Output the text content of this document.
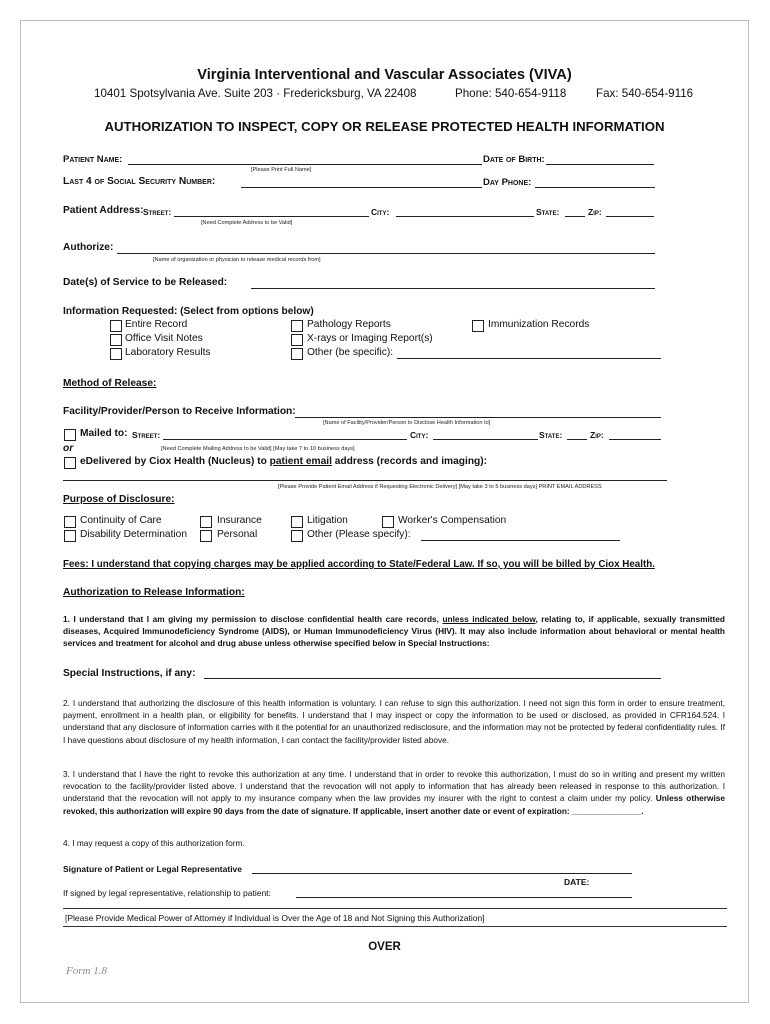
Virginia Interventional and Vascular Associates (VIVA)
10401 Spotsylvania Ave. Suite 203 · Fredericksburg, VA 22408	Phone: 540-654-9118	Fax: 540-654-9116
AUTHORIZATION TO INSPECT, COPY OR RELEASE PROTECTED HEALTH INFORMATION
Patient Name:	Date of Birth:
[Please Print Full Name]
Last 4 of Social Security Number:	Day Phone:
Patient Address: Street:	City:	State:	Zip:
[Need Complete Address to be Valid]
Authorize:
[Name of organization or physician to release medical records from]
Date(s) of Service to be Released:
Information Requested: (Select from options below)
Entire Record
Office Visit Notes
Laboratory Results
Pathology Reports
X-rays or Imaging Report(s)
Other (be specific):
Immunization Records
Method of Release:
Facility/Provider/Person to Receive Information:
[Name of Facility/Provider/Person to Disclose Health Information to]
Mailed to: Street:	City:	State:	Zip:
or	[Need Complete Mailing Address to be Valid] [May take 7 to 10 business days]
eDelivered by Ciox Health (Nucleus) to patient email address (records and imaging):
[Please Provide Patient Email Address if Requesting Electronic Delivery] [May take 3 to 5 business days] PRINT EMAIL ADDRESS
Purpose of Disclosure:
Continuity of Care
Disability Determination
Insurance
Personal
Litigation
Other (Please specify):
Worker's Compensation
Fees: I understand that copying charges may be applied according to State/Federal Law. If so, you will be billed by Ciox Health.
Authorization to Release Information:
1. I understand that I am giving my permission to disclose confidential health care records, unless indicated below, relating to, if applicable, sexually transmitted diseases, Acquired Immunodeficiency Syndrome (AIDS), or Human Immunodeficiency Virus (HIV). It may also include information about behavioral or mental health services and treatment for alcohol and drug abuse unless otherwise specified below in Special Instructions:
Special Instructions, if any:
2. I understand that authorizing the disclosure of this health information is voluntary. I can refuse to sign this authorization. I need not sign this form in order to ensure treatment, payment, enrollment in a health plan, or eligibility for benefits. I understand that I may inspect or copy the information to be used or disclosed, as provided in CFR164.524. I understand that any disclosure of information carries with it the potential for an unauthorized redisclosure, and the information may not be protected by federal confidentiality rules. If I have questions about disclosure of my health information, I can contact the facility/provider listed above.
3. I understand that I have the right to revoke this authorization at any time. I understand that in order to revoke this authorization, I must do so in writing and present my written revocation to the facility/provider listed above. I understand that the revocation will not apply to information that has already been released in response to this authorization. I understand that the revocation will not apply to my insurance company when the law provides my insurer with the right to contest a claim under my policy. Unless otherwise revoked, this authorization will expire 90 days from the date of signature. If applicable, insert another date or event of expiration: _______________.
4. I may request a copy of this authorization form.
Signature of Patient or Legal Representative
DATE:
If signed by legal representative, relationship to patient:
[Please Provide Medical Power of Attorney if Individual is Over the Age of 18 and Not Signing this Authorization]
OVER
Form 1.8
